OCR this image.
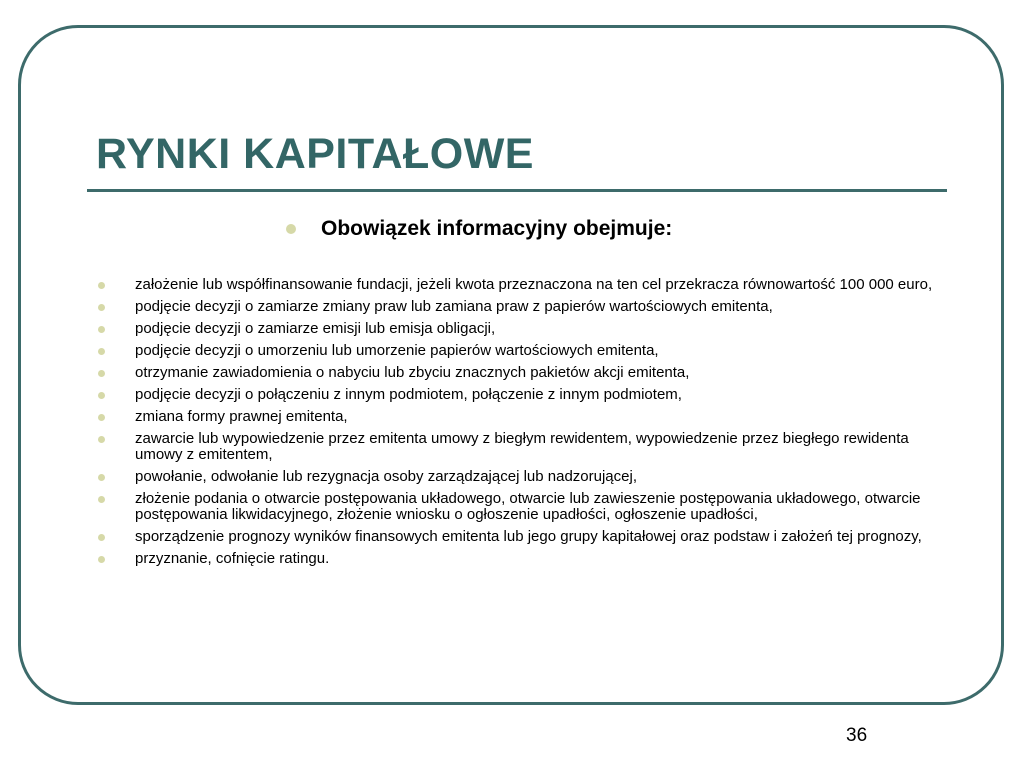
RYNKI KAPITAŁOWE
Obowiązek informacyjny obejmuje:
założenie lub współfinansowanie fundacji, jeżeli kwota przeznaczona na ten cel przekracza równowartość 100 000 euro,
podjęcie decyzji o zamiarze zmiany praw lub zamiana praw z papierów wartościowych emitenta,
podjęcie decyzji o zamiarze emisji lub emisja obligacji,
podjęcie decyzji o umorzeniu lub umorzenie papierów wartościowych emitenta,
otrzymanie zawiadomienia o nabyciu lub zbyciu znacznych pakietów akcji emitenta,
podjęcie decyzji o połączeniu z innym podmiotem, połączenie z innym podmiotem,
zmiana formy prawnej emitenta,
zawarcie lub wypowiedzenie przez emitenta umowy z biegłym rewidentem, wypowiedzenie przez biegłego rewidenta umowy z emitentem,
powołanie, odwołanie lub rezygnacja osoby zarządzającej lub nadzorującej,
złożenie podania o otwarcie postępowania układowego, otwarcie lub zawieszenie postępowania układowego, otwarcie postępowania likwidacyjnego, złożenie wniosku o ogłoszenie upadłości, ogłoszenie upadłości,
sporządzenie prognozy wyników finansowych emitenta lub jego grupy kapitałowej oraz podstaw i założeń tej prognozy,
przyznanie, cofnięcie ratingu.
36
